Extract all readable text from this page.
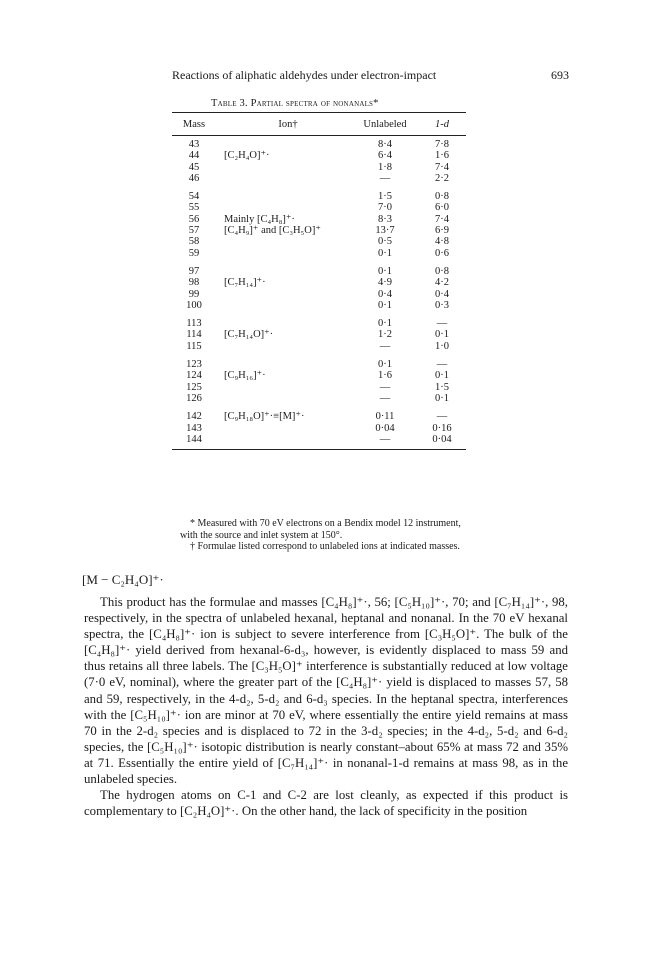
Reactions of aliphatic aldehydes under electron-impact	693
Table 3. Partial spectra of nonanals*
Mass	Ion†	Unlabeled	1-d
43		8·4	7·8
44	[C₂H₄O]⁺·	6·4	1·6
45		1·8	7·4
46		—	2·2
54		1·5	0·8
55		7·0	6·0
56	Mainly [C₄H₈]⁺·	8·3	7·4
57	[C₄H₉]⁺ and [C₃H₅O]⁺	13·7	6·9
58		0·5	4·8
59		0·1	0·6
97		0·1	0·8
98	[C₇H₁₄]⁺·	4·9	4·2
99		0·4	0·4
100		0·1	0·3
113		0·1	—
114	[C₇H₁₄O]⁺·	1·2	0·1
115		—	1·0
123		0·1	—
124	[C₉H₁₆]⁺·	1·6	0·1
125		—	1·5
126		—	0·1
142	[C₉H₁₈O]⁺·≡[M]⁺·	0·11	—
143		0·04	0·16
144		—	0·04

* Measured with 70 eV electrons on a Bendix model 12 instrument, with the source and inlet system at 150°.

† Formulae listed correspond to unlabeled ions at indicated masses.

[M − C₂H₄O]⁺·

This product has the formulae and masses [C₄H₈]⁺·, 56; [C₅H₁₀]⁺·, 70; and [C₇H₁₄]⁺·, 98, respectively, in the spectra of unlabeled hexanal, heptanal and nonanal. In the 70 eV hexanal spectra, the [C₄H₈]⁺· ion is subject to severe interference from [C₃H₅O]⁺. The bulk of the [C₄H₈]⁺· yield derived from hexanal-6-d₃, however, is evidently displaced to mass 59 and thus retains all three labels. The [C₃H₅O]⁺ interference is substantially reduced at low voltage (7·0 eV, nominal), where the greater part of the [C₄H₈]⁺· yield is displaced to masses 57, 58 and 59, respectively, in the 4-d₂, 5-d₂ and 6-d₃ species. In the heptanal spectra, interferences with the [C₅H₁₀]⁺· ion are minor at 70 eV, where essentially the entire yield remains at mass 70 in the 2-d₂ species and is displaced to 72 in the 3-d₂ species; in the 4-d₂, 5-d₂ and 6-d₂ species, the [C₅H₁₀]⁺· isotopic distribution is nearly constant–about 65% at mass 72 and 35% at 71. Essentially the entire yield of [C₇H₁₄]⁺· in nonanal-1-d remains at mass 98, as in the unlabeled species.

The hydrogen atoms on C-1 and C-2 are lost cleanly, as expected if this product is complementary to [C₂H₄O]⁺·. On the other hand, the lack of specificity in the position
